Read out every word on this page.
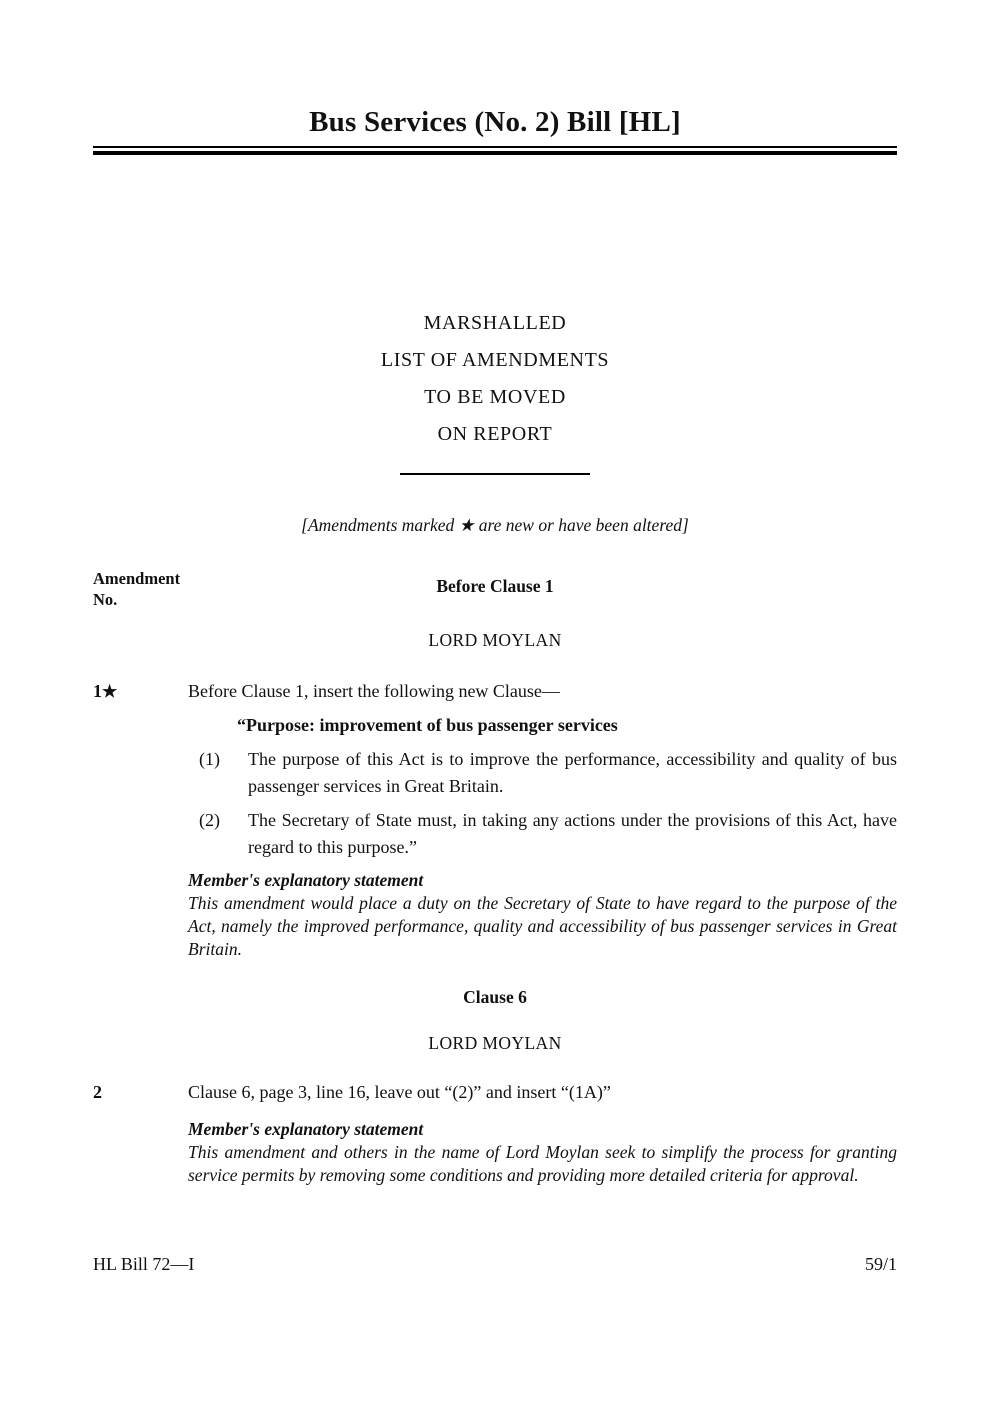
Bus Services (No. 2) Bill [HL]
MARSHALLED
LIST OF AMENDMENTS
TO BE MOVED
ON REPORT

[Amendments marked ★ are new or have been altered]

Amendment
No.
Before Clause 1
LORD MOYLAN
1★	Before Clause 1, insert the following new Clause—

“Purpose: improvement of bus passenger services

(1) The purpose of this Act is to improve the performance, accessibility and quality of bus passenger services in Great Britain.

(2) The Secretary of State must, in taking any actions under the provisions of this Act, have regard to this purpose.”

Member's explanatory statement

This amendment would place a duty on the Secretary of State to have regard to the purpose of the Act, namely the improved performance, quality and accessibility of bus passenger services in Great Britain.

Clause 6
LORD MOYLAN
2	Clause 6, page 3, line 16, leave out “(2)” and insert “(1A)”

Member's explanatory statement

This amendment and others in the name of Lord Moylan seek to simplify the process for granting service permits by removing some conditions and providing more detailed criteria for approval.

HL Bill 72—I	59/1
